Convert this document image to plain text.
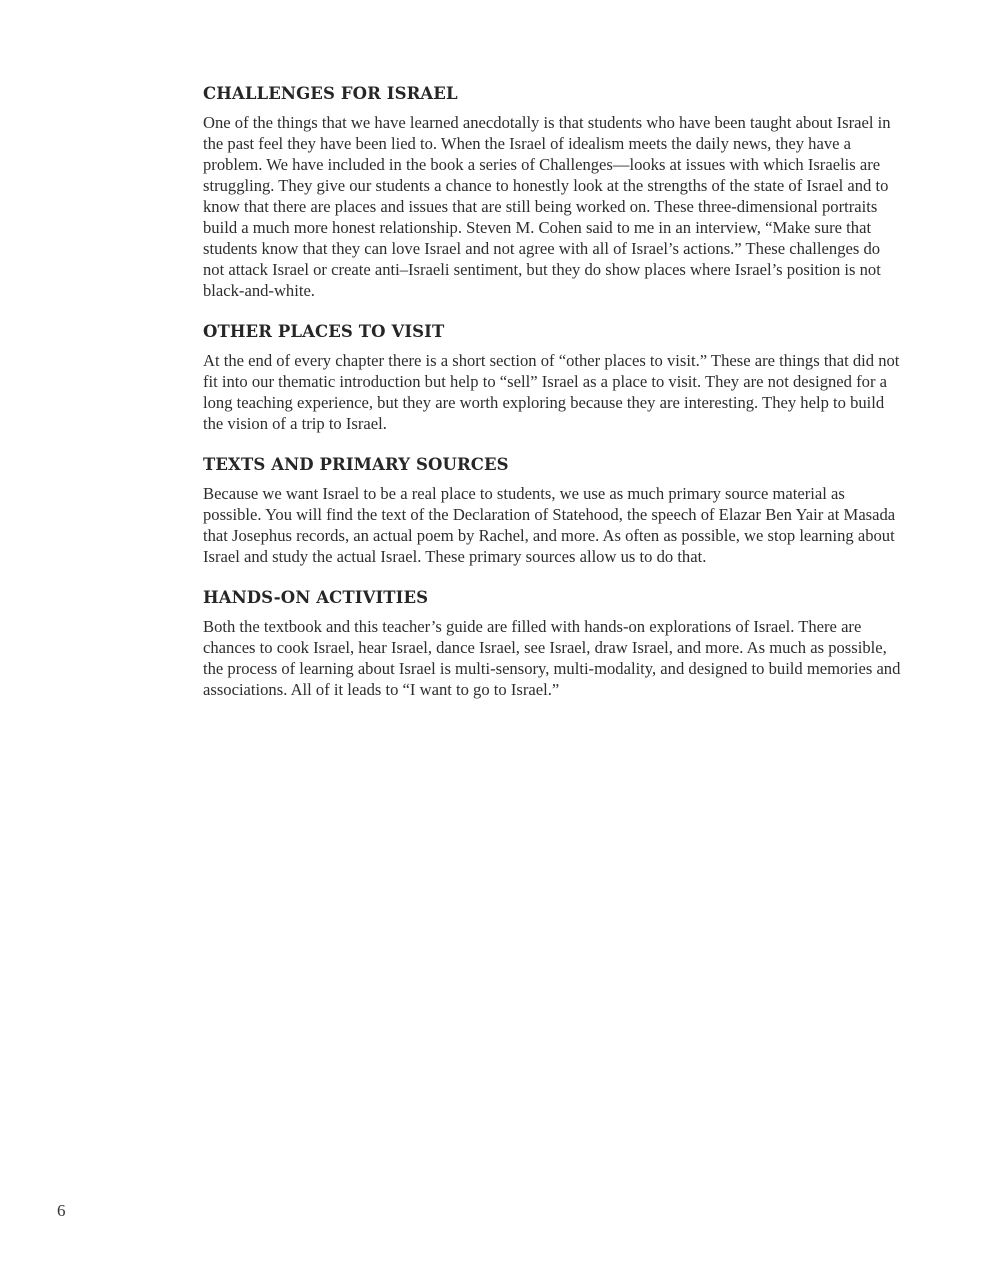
CHALLENGES FOR ISRAEL

One of the things that we have learned anecdotally is that students who have been taught about Israel in the past feel they have been lied to. When the Israel of idealism meets the daily news, they have a problem. We have included in the book a series of Challenges—looks at issues with which Israelis are struggling. They give our students a chance to honestly look at the strengths of the state of Israel and to know that there are places and issues that are still being worked on. These three-dimensional portraits build a much more honest relationship. Steven M. Cohen said to me in an interview, “Make sure that students know that they can love Israel and not agree with all of Israel’s actions.” These challenges do not attack Israel or create anti–Israeli sentiment, but they do show places where Israel’s position is not black-and-white.

OTHER PLACES TO VISIT

At the end of every chapter there is a short section of “other places to visit.” These are things that did not fit into our thematic introduction but help to “sell” Israel as a place to visit. They are not designed for a long teaching experience, but they are worth exploring because they are interesting. They help to build the vision of a trip to Israel.

TEXTS AND PRIMARY SOURCES

Because we want Israel to be a real place to students, we use as much primary source material as possible. You will find the text of the Declaration of Statehood, the speech of Elazar Ben Yair at Masada that Josephus records, an actual poem by Rachel, and more. As often as possible, we stop learning about Israel and study the actual Israel. These primary sources allow us to do that.

HANDS-ON ACTIVITIES

Both the textbook and this teacher’s guide are filled with hands-on explorations of Israel. There are chances to cook Israel, hear Israel, dance Israel, see Israel, draw Israel, and more. As much as possible, the process of learning about Israel is multi-sensory, multi-modality, and designed to build memories and associations. All of it leads to “I want to go to Israel.”

6
